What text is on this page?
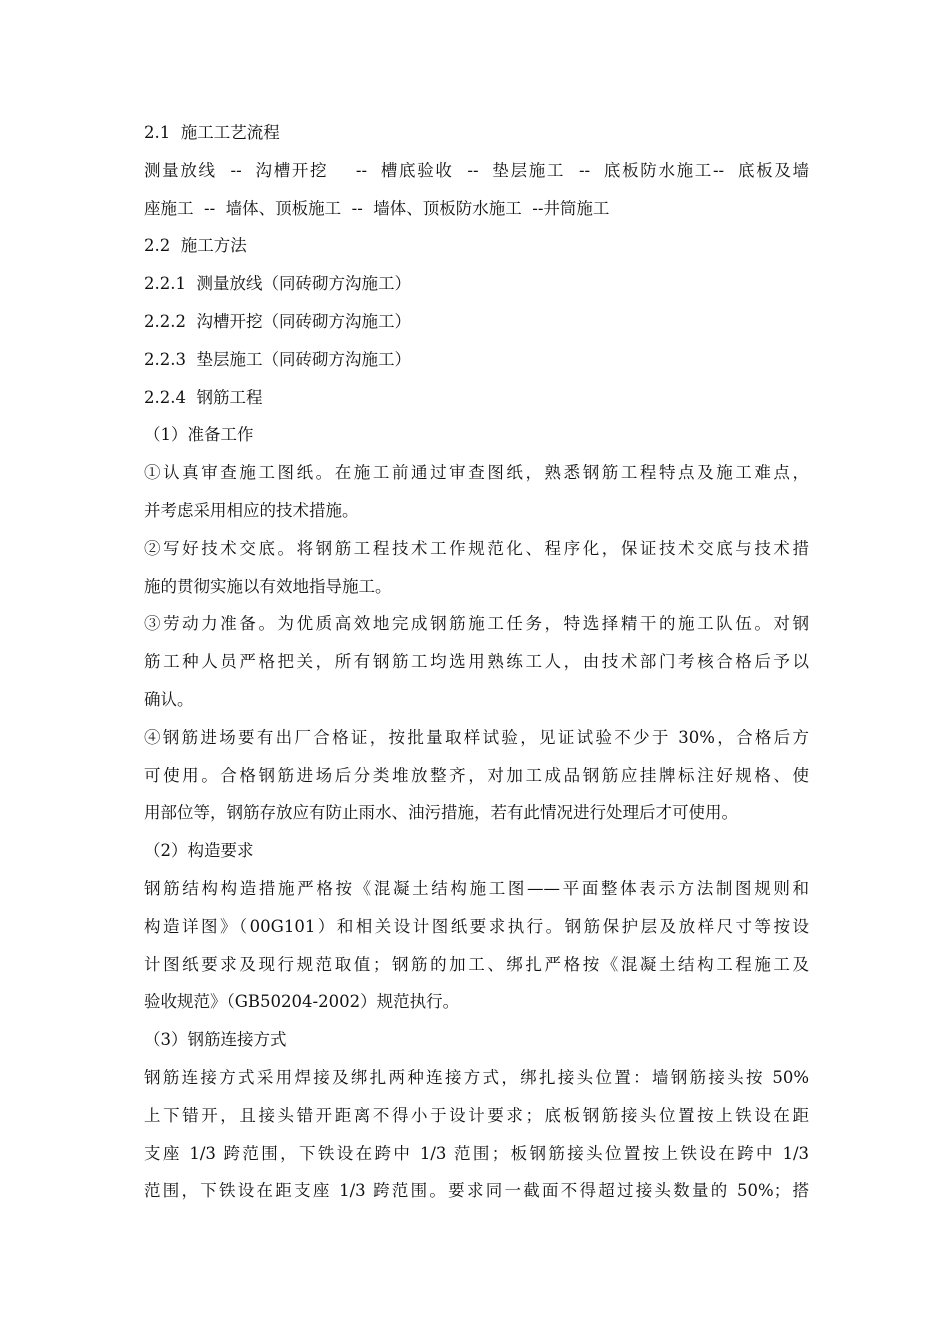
2.1  施工工艺流程
测量放线  --  沟槽开挖    --  槽底验收  --  垫层施工  --  底板防水施工--  底板及墙
座施工  --  墙体、顶板施工  --  墙体、顶板防水施工  --井筒施工
2.2  施工方法
2.2.1  测量放线（同砖砌方沟施工）
2.2.2  沟槽开挖（同砖砌方沟施工）
2.2.3  垫层施工（同砖砌方沟施工）
2.2.4  钢筋工程
（1）准备工作
①认真审查施工图纸。在施工前通过审查图纸，熟悉钢筋工程特点及施工难点，
并考虑采用相应的技术措施。
②写好技术交底。将钢筋工程技术工作规范化、程序化，保证技术交底与技术措
施的贯彻实施以有效地指导施工。
③劳动力准备。为优质高效地完成钢筋施工任务，特选择精干的施工队伍。对钢
筋工种人员严格把关，所有钢筋工均选用熟练工人，由技术部门考核合格后予以
确认。
④钢筋进场要有出厂合格证，按批量取样试验，见证试验不少于 30%，合格后方
可使用。合格钢筋进场后分类堆放整齐，对加工成品钢筋应挂牌标注好规格、使
用部位等，钢筋存放应有防止雨水、油污措施，若有此情况进行处理后才可使用。
（2）构造要求
钢筋结构构造措施严格按《混凝土结构施工图——平面整体表示方法制图规则和
构造详图》（00G101）和相关设计图纸要求执行。钢筋保护层及放样尺寸等按设
计图纸要求及现行规范取值；钢筋的加工、绑扎严格按《混凝土结构工程施工及
验收规范》（GB50204-2002）规范执行。
（3）钢筋连接方式
钢筋连接方式采用焊接及绑扎两种连接方式，绑扎接头位置：墙钢筋接头按 50%
上下错开，且接头错开距离不得小于设计要求；底板钢筋接头位置按上铁设在距
支座 1/3 跨范围，下铁设在跨中 1/3 范围；板钢筋接头位置按上铁设在跨中 1/3
范围，下铁设在距支座 1/3 跨范围。要求同一截面不得超过接头数量的 50%；搭
